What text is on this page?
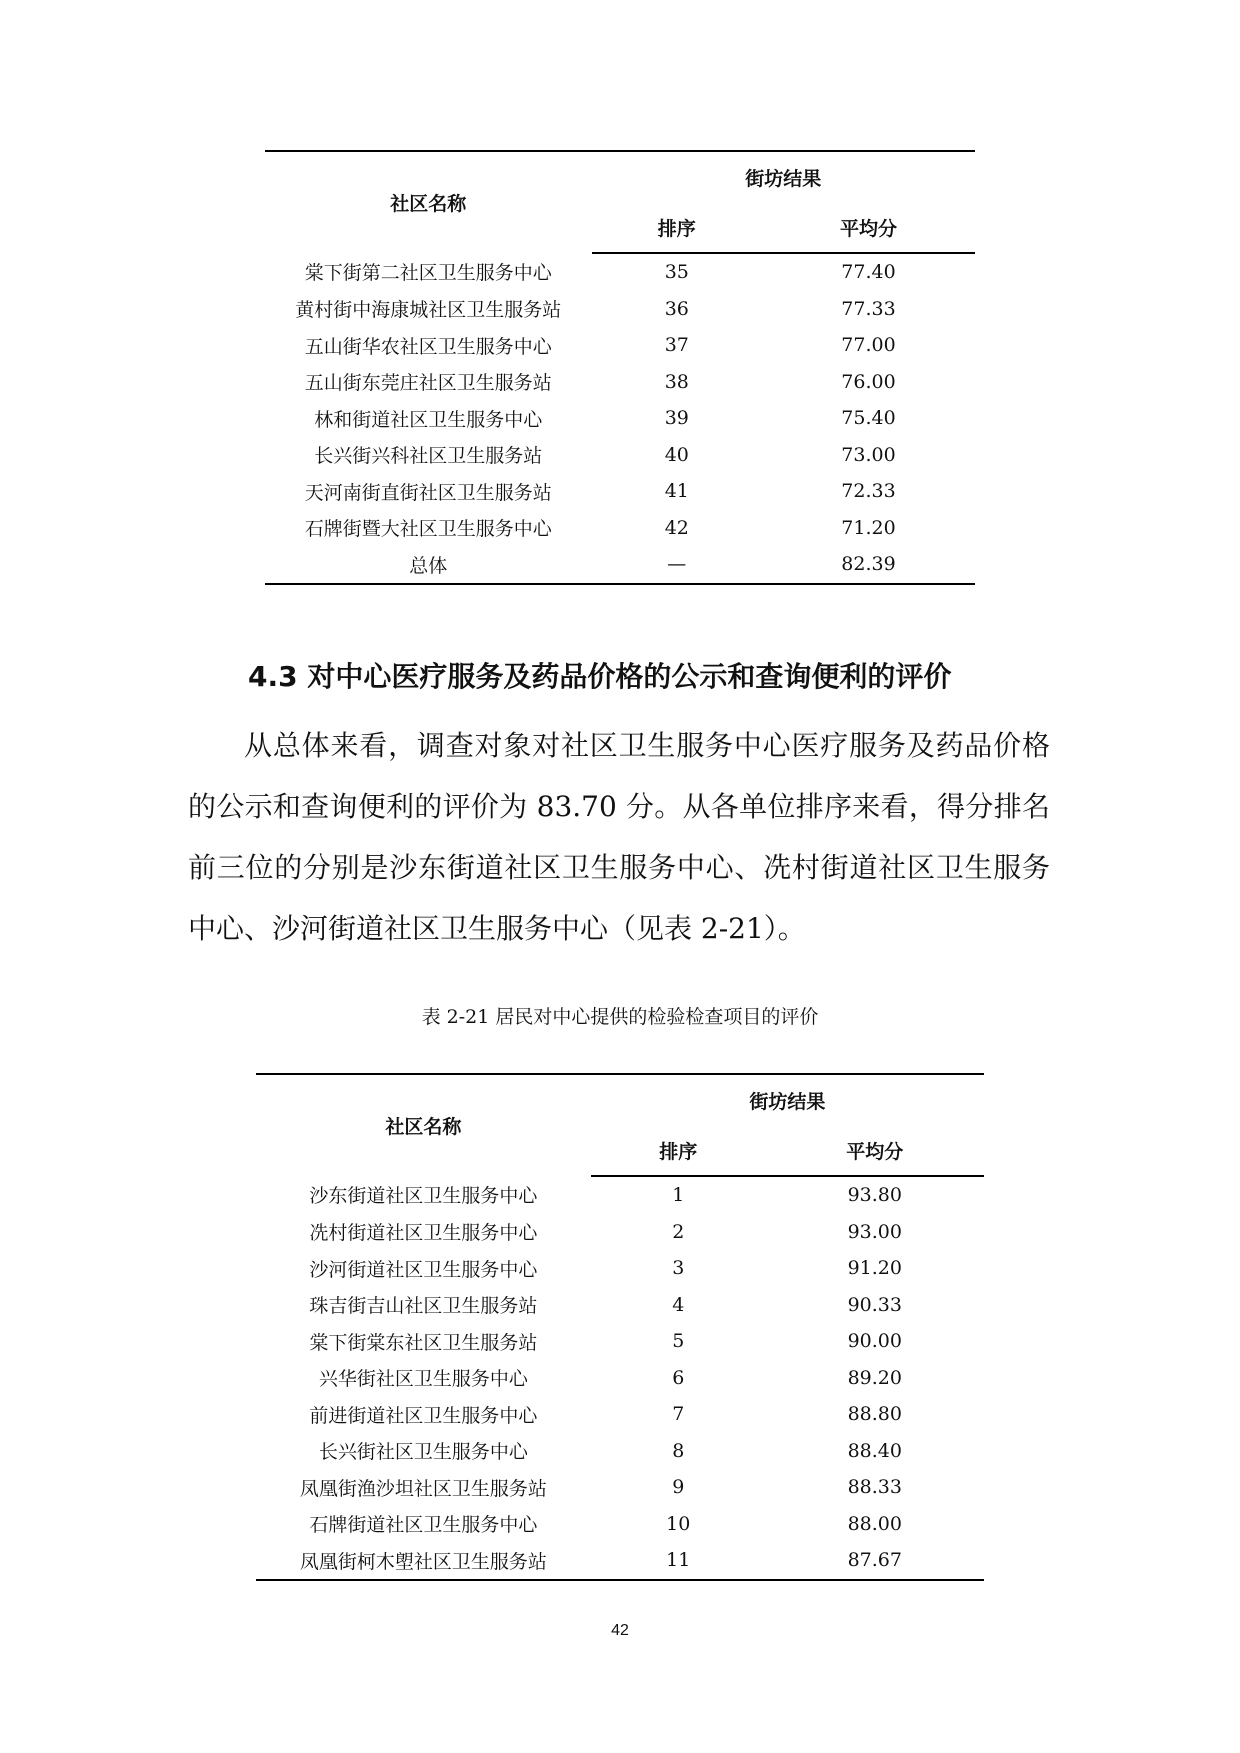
社区名称	街坊结果	
	排序	平均分
棠下街第二社区卫生服务中心	35	77.40
黄村街中海康城社区卫生服务站	36	77.33
五山街华农社区卫生服务中心	37	77.00
五山街东莞庄社区卫生服务站	38	76.00
林和街道社区卫生服务中心	39	75.40
长兴街兴科社区卫生服务站	40	73.00
天河南街直街社区卫生服务站	41	72.33
石牌街暨大社区卫生服务中心	42	71.20
总体	—	82.39
4.3 对中心医疗服务及药品价格的公示和查询便利的评价

从总体来看，调查对象对社区卫生服务中心医疗服务及药品价格的公示和查询便利的评价为 83.70 分。从各单位排序来看，得分排名前三位的分别是沙东街道社区卫生服务中心、冼村街道社区卫生服务中心、沙河街道社区卫生服务中心（见表 2-21）。

表 2-21 居民对中心提供的检验检查项目的评价

社区名称	街坊结果	
	排序	平均分
沙东街道社区卫生服务中心	1	93.80
冼村街道社区卫生服务中心	2	93.00
沙河街道社区卫生服务中心	3	91.20
珠吉街吉山社区卫生服务站	4	90.33
棠下街棠东社区卫生服务站	5	90.00
兴华街社区卫生服务中心	6	89.20
前进街道社区卫生服务中心	7	88.80
长兴街社区卫生服务中心	8	88.40
凤凰街渔沙坦社区卫生服务站	9	88.33
石牌街道社区卫生服务中心	10	88.00
凤凰街柯木塱社区卫生服务站	11	87.67
42
